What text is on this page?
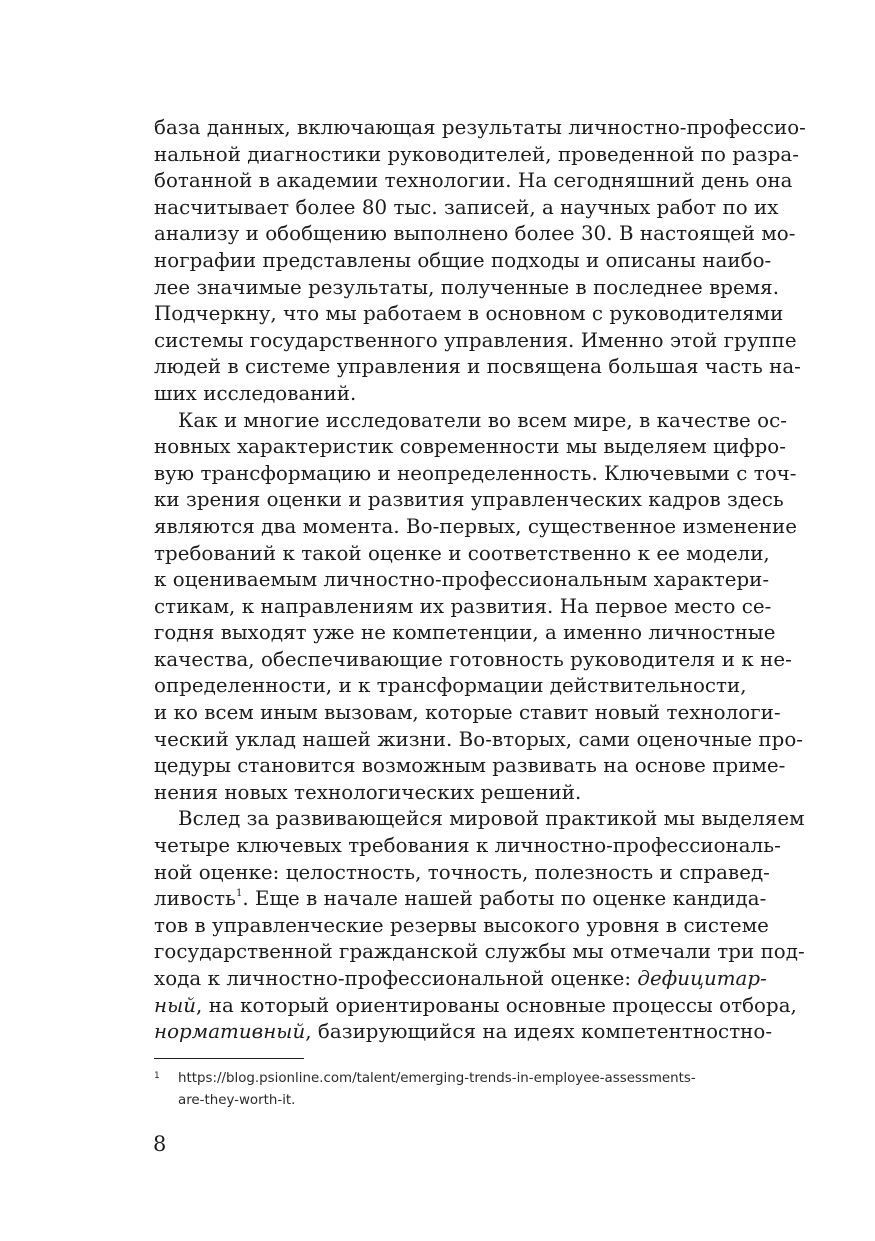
база данных, включающая результаты личностно-профессио-
нальной диагностики руководителей, проведенной по разра-
ботанной в академии технологии. На сегодняшний день она
насчитывает более 80 тыс. записей, а научных работ по их
анализу и обобщению выполнено более 30. В настоящей мо-
нографии представлены общие подходы и описаны наибо-
лее значимые результаты, полученные в последнее время.
Подчеркну, что мы работаем в основном с руководителями
системы государственного управления. Именно этой группе
людей в системе управления и посвящена большая часть на-
ших исследований.
Как и многие исследователи во всем мире, в качестве ос-
новных характеристик современности мы выделяем цифро-
вую трансформацию и неопределенность. Ключевыми с точ-
ки зрения оценки и развития управленческих кадров здесь
являются два момента. Во-первых, существенное изменение
требований к такой оценке и соответственно к ее модели,
к оцениваемым личностно-профессиональным характери-
стикам, к направлениям их развития. На первое место се-
годня выходят уже не компетенции, а именно личностные
качества, обеспечивающие готовность руководителя и к не-
определенности, и к трансформации действительности,
и ко всем иным вызовам, которые ставит новый технологи-
ческий уклад нашей жизни. Во-вторых, сами оценочные про-
цедуры становится возможным развивать на основе приме-
нения новых технологических решений.
Вслед за развивающейся мировой практикой мы выделяем
четыре ключевых требования к личностно-профессиональ-
ной оценке: целостность, точность, полезность и справед-
ливость$^1$. Еще в начале нашей работы по оценке кандида-
тов в управленческие резервы высокого уровня в системе
государственной гражданской службы мы отмечали три под-
хода к личностно-профессиональной оценке: дефицитар-
ный, на который ориентированы основные процессы отбора,
нормативный, базирующийся на идеях компетентностно-
1 https://blog.psionline.com/talent/emerging-trends-in-employee-assessments-
are-they-worth-it.
8
